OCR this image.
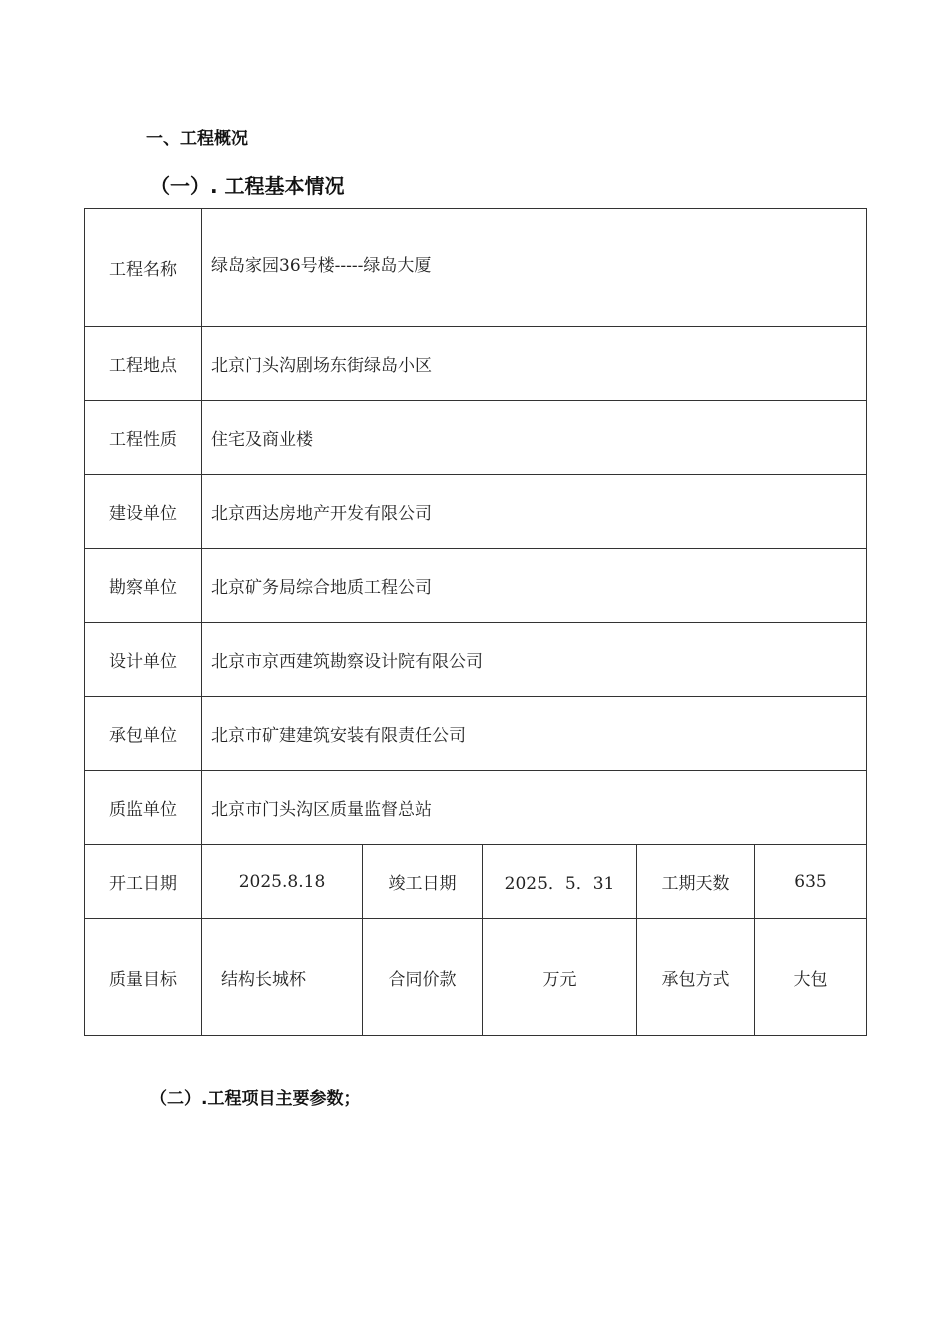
一、工程概况
（一）. 工程基本情况
工程名称	绿岛家园36号楼-----绿岛大厦				
工程地点	北京门头沟剧场东街绿岛小区				
工程性质	住宅及商业楼				
建设单位	北京西达房地产开发有限公司				
勘察单位	北京矿务局综合地质工程公司				
设计单位	北京市京西建筑勘察设计院有限公司				
承包单位	北京市矿建建筑安装有限责任公司				
质监单位	北京市门头沟区质量监督总站				
开工日期	2025.8.18	竣工日期	2025．5．31	工期天数	635
质量目标	结构长城杯	合同价款	万元	承包方式	大包
（二）.工程项目主要参数；
